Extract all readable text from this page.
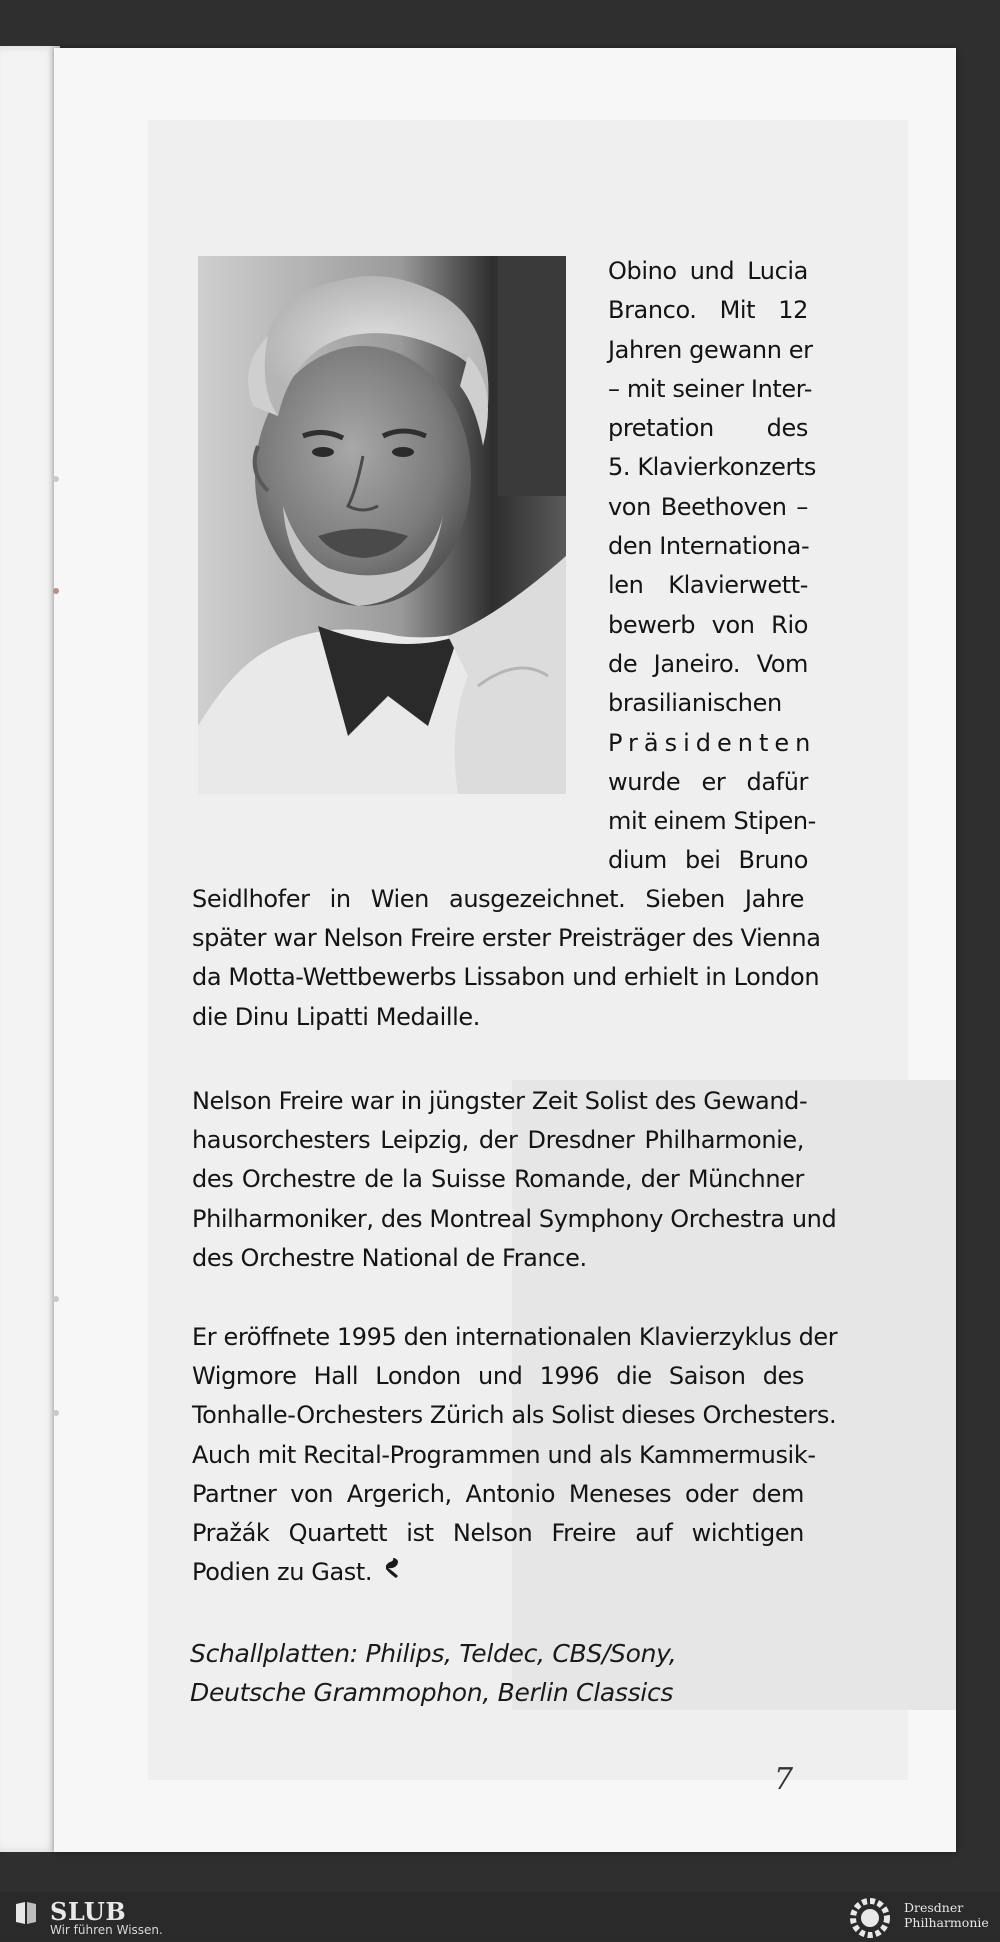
Obino und Lucia
Branco. Mit 12
Jahren gewann er
– mit seiner Inter-
pretation des
5. Klavierkonzerts
von Beethoven –
den Internationa-
len Klavierwett-
bewerb von Rio
de Janeiro. Vom
brasilianischen
Präsidenten
wurde er dafür
mit einem Stipen-
dium bei Bruno
Seidlhofer in Wien ausgezeichnet. Sieben Jahre
später war Nelson Freire erster Preisträger des Vienna
da Motta-Wettbewerbs Lissabon und erhielt in London
die Dinu Lipatti Medaille.
Nelson Freire war in jüngster Zeit Solist des Gewand-
hausorchesters Leipzig, der Dresdner Philharmonie,
des Orchestre de la Suisse Romande, der Münchner
Philharmoniker, des Montreal Symphony Orchestra und
des Orchestre National de France.
Er eröffnete 1995 den internationalen Klavierzyklus der
Wigmore Hall London und 1996 die Saison des
Tonhalle-Orchesters Zürich als Solist dieses Orchesters.
Auch mit Recital-Programmen und als Kammermusik-
Partner von Argerich, Antonio Meneses oder dem
Pražák Quartett ist Nelson Freire auf wichtigen
Podien zu Gast.
Schallplatten: Philips, Teldec, CBS/Sony,
Deutsche Grammophon, Berlin Classics
7
SLUB
Wir führen Wissen.
Dresdner
Philharmonie
